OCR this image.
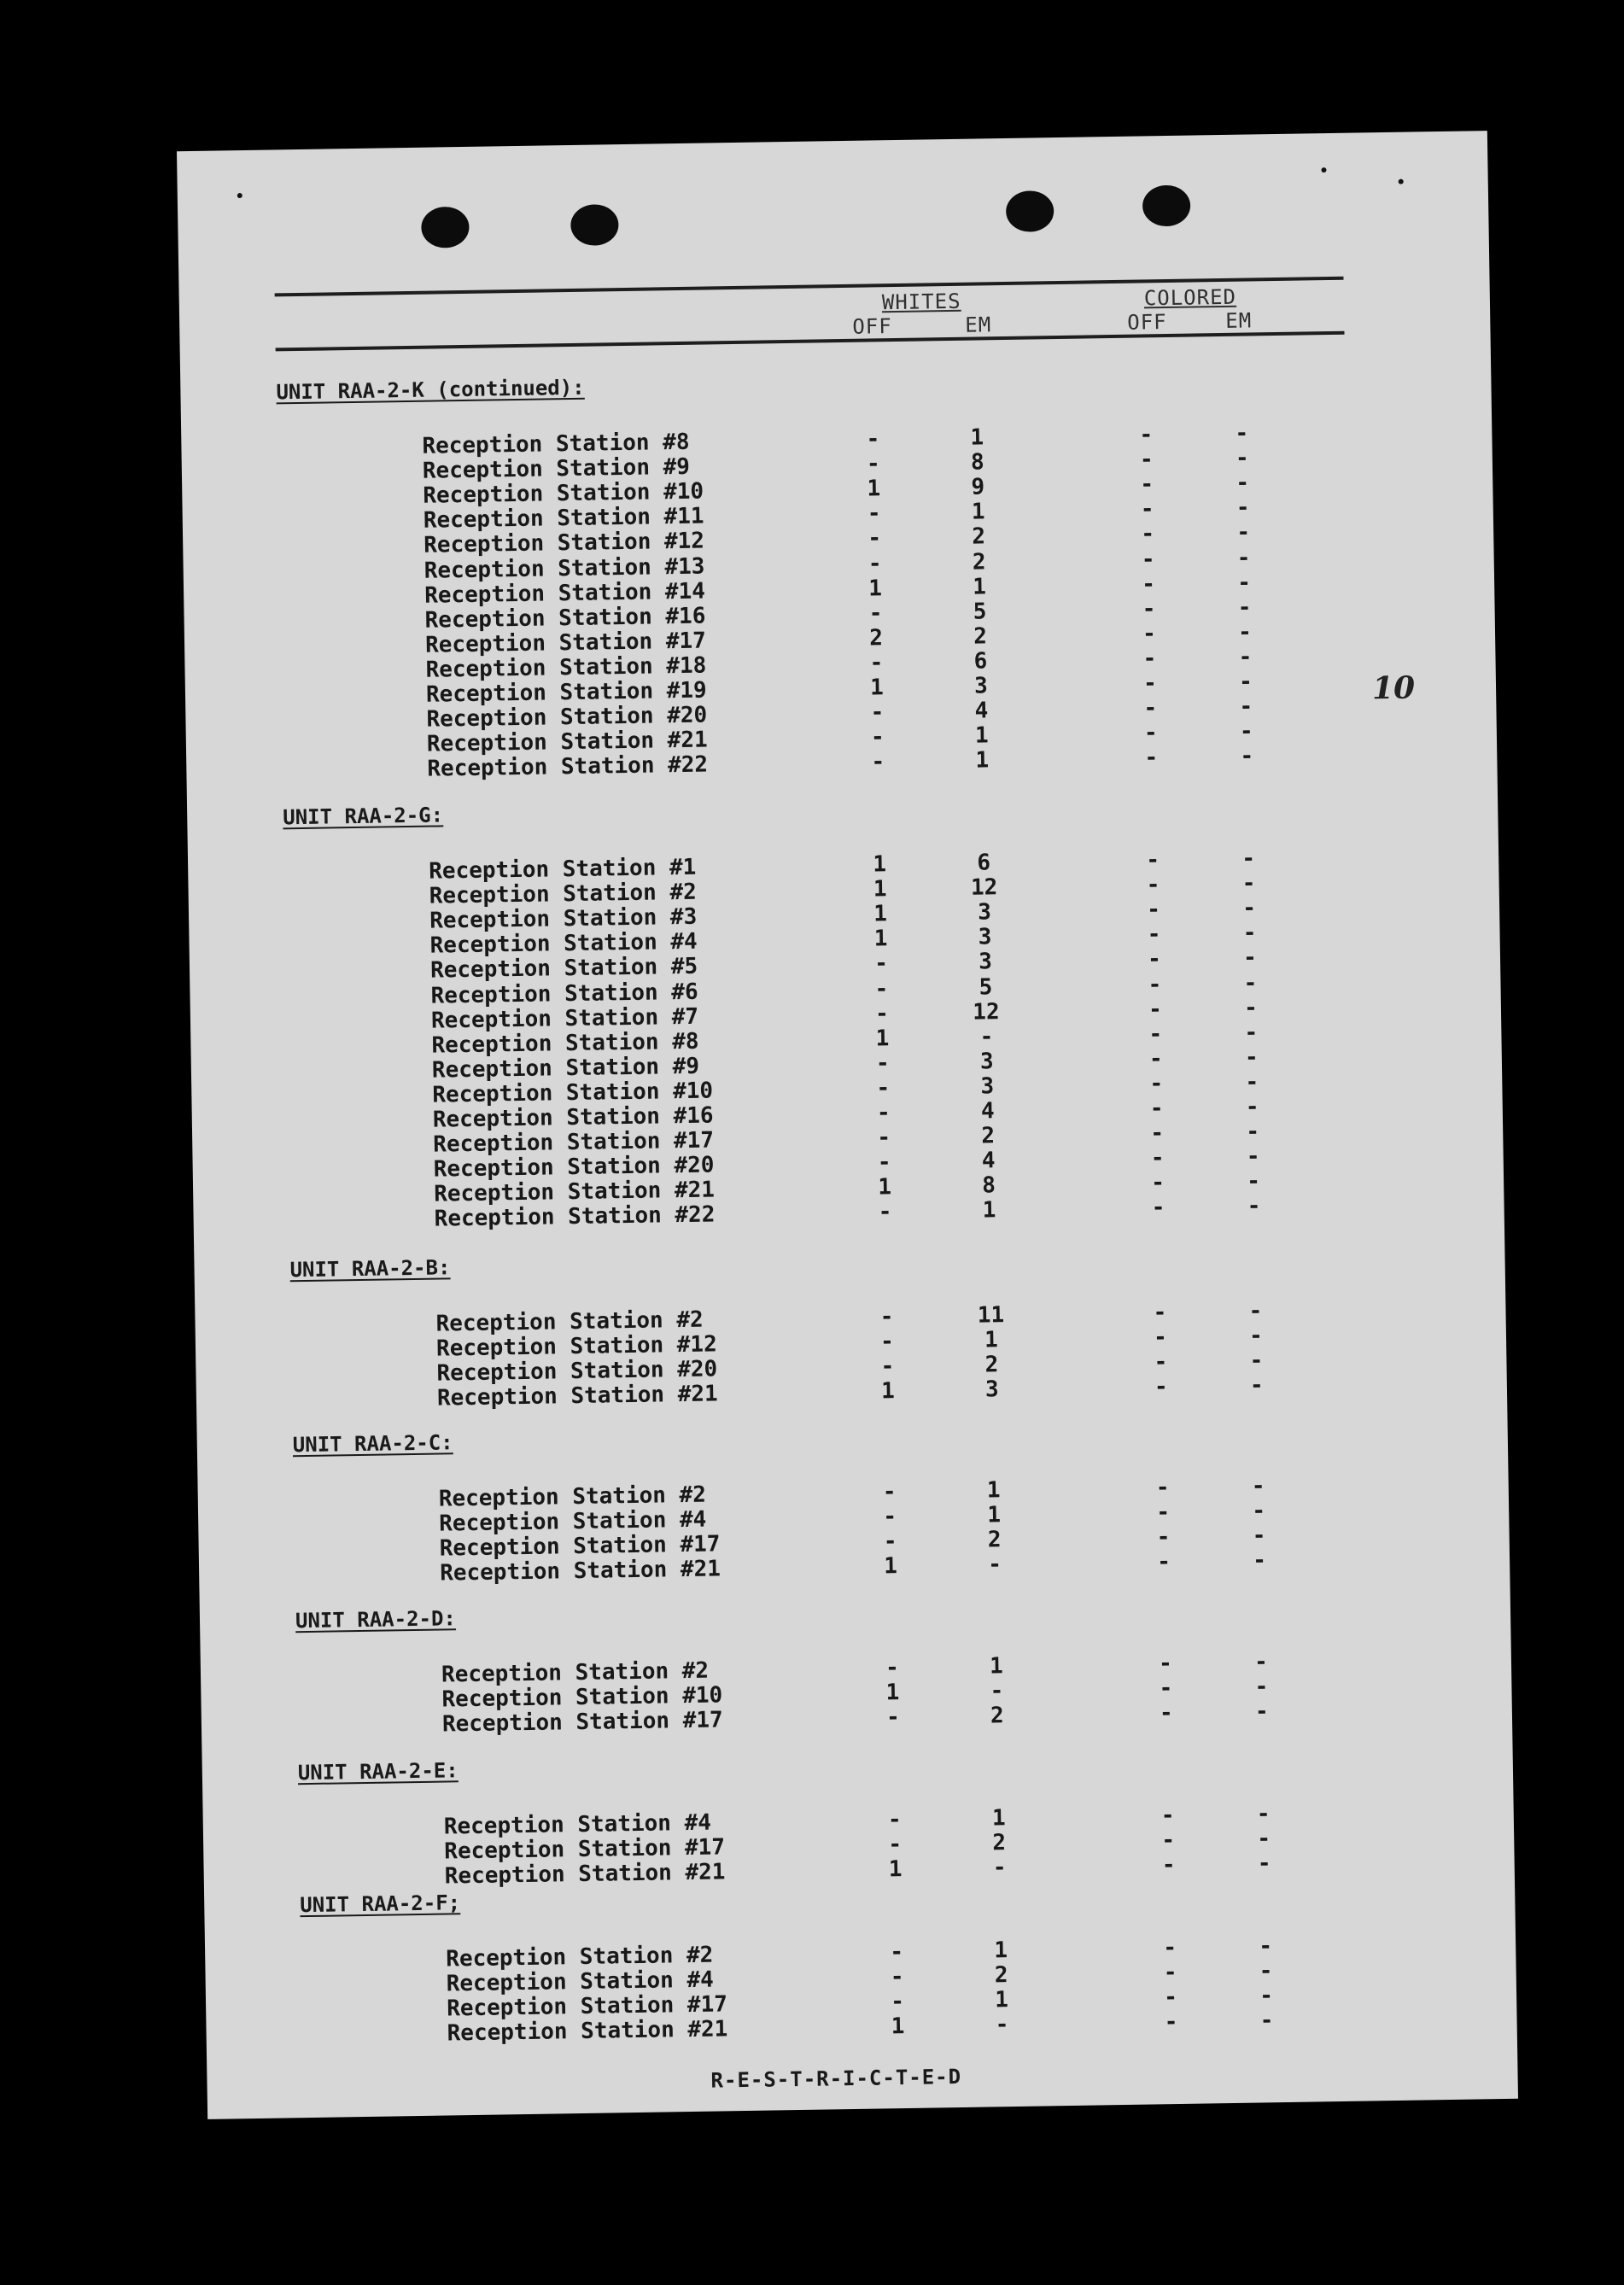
WHITES	COLORED
OFF	EM	OFF	EM
UNIT RAA-2-K (continued):
Reception Station #8	-	1	-	-
Reception Station #9	-	8	-	-
Reception Station #10	1	9	-	-
Reception Station #11	-	1	-	-
Reception Station #12	-	2	-	-
Reception Station #13	-	2	-	-
Reception Station #14	1	1	-	-
Reception Station #16	-	5	-	-
Reception Station #17	2	2	-	-
Reception Station #18	-	6	-	-
Reception Station #19	1	3	-	-
Reception Station #20	-	4	-	-
Reception Station #21	-	1	-	-
Reception Station #22	-	1	-	-
UNIT RAA-2-G:
Reception Station #1	1	6	-	-
Reception Station #2	1	12	-	-
Reception Station #3	1	3	-	-
Reception Station #4	1	3	-	-
Reception Station #5	-	3	-	-
Reception Station #6	-	5	-	-
Reception Station #7	-	12	-	-
Reception Station #8	1	-	-	-
Reception Station #9	-	3	-	-
Reception Station #10	-	3	-	-
Reception Station #16	-	4	-	-
Reception Station #17	-	2	-	-
Reception Station #20	-	4	-	-
Reception Station #21	1	8	-	-
Reception Station #22	-	1	-	-
UNIT RAA-2-B:
Reception Station #2	-	11	-	-
Reception Station #12	-	1	-	-
Reception Station #20	-	2	-	-
Reception Station #21	1	3	-	-
UNIT RAA-2-C:
Reception Station #2	-	1	-	-
Reception Station #4	-	1	-	-
Reception Station #17	-	2	-	-
Reception Station #21	1	-	-	-
UNIT RAA-2-D:
Reception Station #2	-	1	-	-
Reception Station #10	1	-	-	-
Reception Station #17	-	2	-	-
UNIT RAA-2-E:
Reception Station #4	-	1	-	-
Reception Station #17	-	2	-	-
Reception Station #21	1	-	-	-
UNIT RAA-2-F;
Reception Station #2	-	1	-	-
Reception Station #4	-	2	-	-
Reception Station #17	-	1	-	-
Reception Station #21	1	-	-	-
10
R-E-S-T-R-I-C-T-E-D
